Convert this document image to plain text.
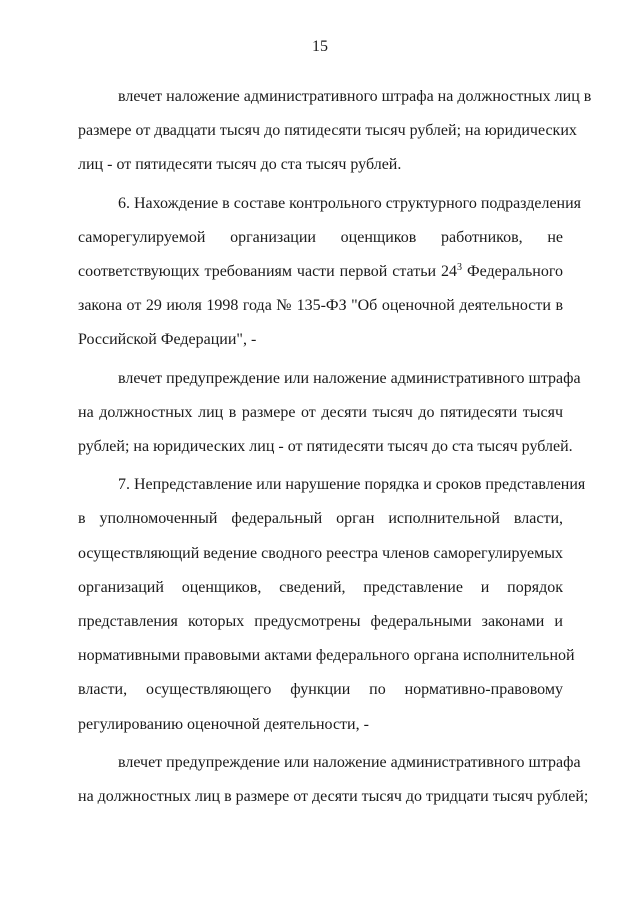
15
влечет наложение административного штрафа на должностных лиц в
размере от двадцати тысяч до пятидесяти тысяч рублей; на юридических
лиц - от пятидесяти тысяч до ста тысяч рублей.
6. Нахождение в составе контрольного структурного подразделения
саморегулируемой организации оценщиков работников, не
соответствующих требованиям части первой статьи $24^3$ Федерального
закона от 29 июля 1998 года № 135-ФЗ "Об оценочной деятельности в
Российской Федерации", -
влечет предупреждение или наложение административного штрафа
на должностных лиц в размере от десяти тысяч до пятидесяти тысяч
рублей; на юридических лиц - от пятидесяти тысяч до ста тысяч рублей.
7. Непредставление или нарушение порядка и сроков представления
в уполномоченный федеральный орган исполнительной власти,
осуществляющий ведение сводного реестра членов саморегулируемых
организаций оценщиков, сведений, представление и порядок
представления которых предусмотрены федеральными законами и
нормативными правовыми актами федерального органа исполнительной
власти, осуществляющего функции по нормативно-правовому
регулированию оценочной деятельности, -
влечет предупреждение или наложение административного штрафа
на должностных лиц в размере от десяти тысяч до тридцати тысяч рублей;
